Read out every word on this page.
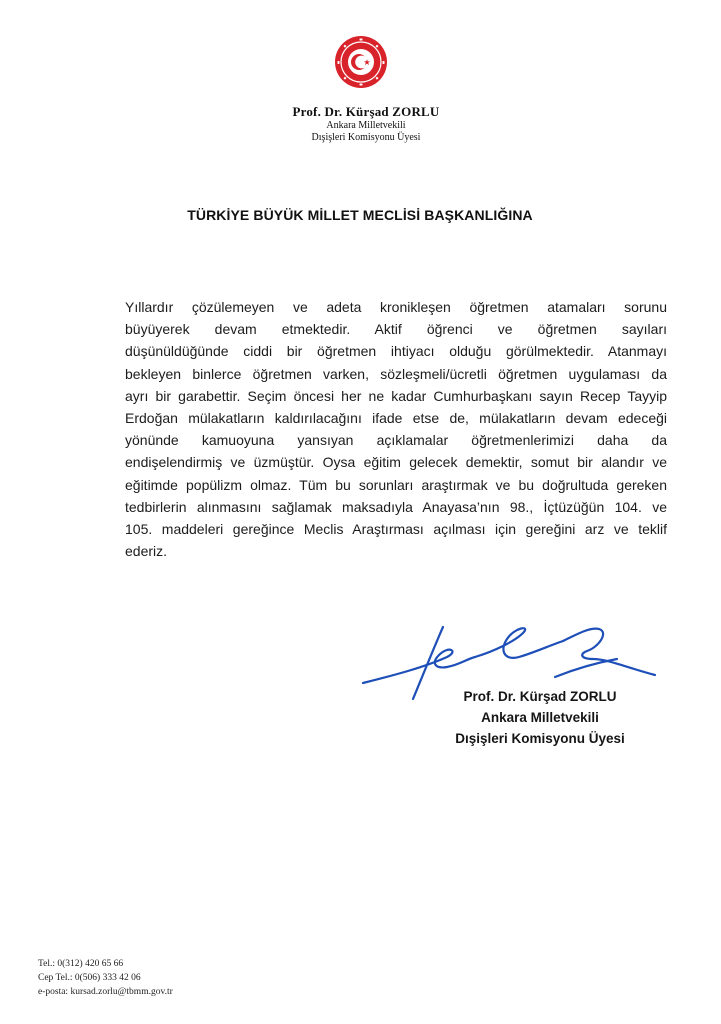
Prof. Dr. Kürşad ZORLU
Ankara Milletvekili
Dışişleri Komisyonu Üyesi
TÜRKİYE BÜYÜK MİLLET MECLİSİ BAŞKANLIĞINA
Yıllardır çözülemeyen ve adeta kronikleşen öğretmen atamaları sorunu
büyüyerek devam etmektedir. Aktif öğrenci ve öğretmen sayıları
düşünüldüğünde ciddi bir öğretmen ihtiyacı olduğu görülmektedir. Atanmayı
bekleyen binlerce öğretmen varken, sözleşmeli/ücretli öğretmen uygulaması da
ayrı bir garabettir. Seçim öncesi her ne kadar Cumhurbaşkanı sayın Recep Tayyip
Erdoğan mülakatların kaldırılacağını ifade etse de, mülakatların devam edeceği
yönünde kamuoyuna yansıyan açıklamalar öğretmenlerimizi daha da
endişelendirmiş ve üzmüştür. Oysa eğitim gelecek demektir, somut bir alandır ve
eğitimde popülizm olmaz. Tüm bu sorunları araştırmak ve bu doğrultuda gereken
tedbirlerin alınmasını sağlamak maksadıyla Anayasa’nın 98., İçtüzüğün 104. ve
105. maddeleri gereğince Meclis Araştırması açılması için gereğini arz ve teklif
ederiz.
Prof. Dr. Kürşad ZORLU
Ankara Milletvekili
Dışişleri Komisyonu Üyesi
Tel.: 0(312) 420 65 66
Cep Tel.: 0(506) 333 42 06
e-posta: kursad.zorlu@tbmm.gov.tr
